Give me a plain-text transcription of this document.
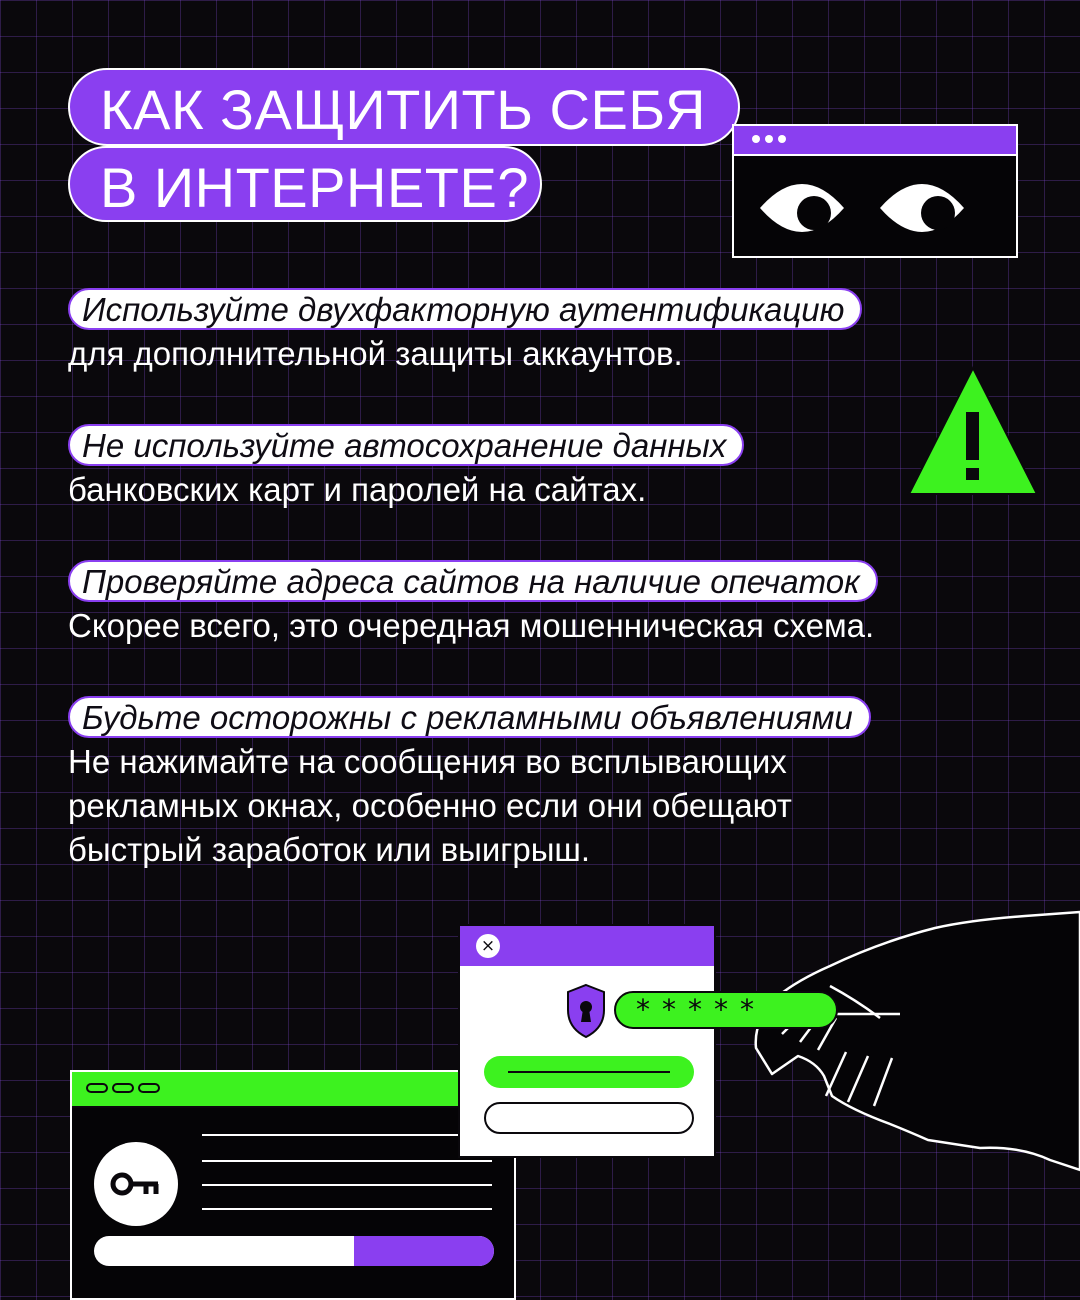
КАК ЗАЩИТИТЬ СЕБЯ
В ИНТЕРНЕТЕ?
Используйте двухфакторную аутентификацию
для дополнительной защиты аккаунтов.
Не используйте автосохранение данных
банковских карт и паролей на сайтах.
Проверяйте адреса сайтов на наличие опечаток
Скорее всего, это очередная мошенническая схема.
Будьте осторожны с рекламными объявлениями
Не нажимайте на сообщения во всплывающих
рекламных окнах, особенно если они обещают
быстрый заработок или выигрыш.
×
*****
